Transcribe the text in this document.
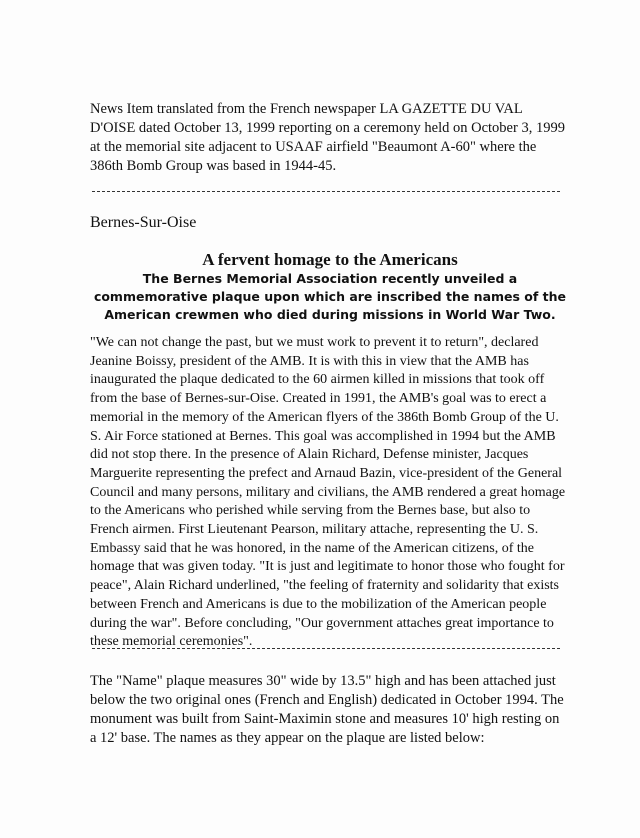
News Item translated from the French newspaper LA GAZETTE DU VAL D'OISE dated October 13, 1999 reporting on a ceremony held on October 3, 1999 at the memorial site adjacent to USAAF airfield "Beaumont A-60" where the 386th Bomb Group was based in 1944-45.

Bernes-Sur-Oise
A fervent homage to the Americans
The Bernes Memorial Association recently unveiled a commemorative plaque upon which are inscribed the names of the American crewmen who died during missions in World War Two.

"We can not change the past, but we must work to prevent it to return", declared Jeanine Boissy, president of the AMB. It is with this in view that the AMB has inaugurated the plaque dedicated to the 60 airmen killed in missions that took off from the base of Bernes-sur-Oise. Created in 1991, the AMB's goal was to erect a memorial in the memory of the American flyers of the 386th Bomb Group of the U. S. Air Force stationed at Bernes. This goal was accomplished in 1994 but the AMB did not stop there. In the presence of Alain Richard, Defense minister, Jacques Marguerite representing the prefect and Arnaud Bazin, vice-president of the General Council and many persons, military and civilians, the AMB rendered a great homage to the Americans who perished while serving from the Bernes base, but also to French airmen. First Lieutenant Pearson, military attache, representing the U. S. Embassy said that he was honored, in the name of the American citizens, of the homage that was given today. "It is just and legitimate to honor those who fought for peace", Alain Richard underlined, "the feeling of fraternity and solidarity that exists between French and Americans is due to the mobilization of the American people during the war". Before concluding, "Our government attaches great importance to these memorial ceremonies".

The "Name" plaque measures 30" wide by 13.5" high and has been attached just below the two original ones (French and English) dedicated in October 1994. The monument was built from Saint-Maximin stone and measures 10' high resting on a 12' base. The names as they appear on the plaque are listed below:
